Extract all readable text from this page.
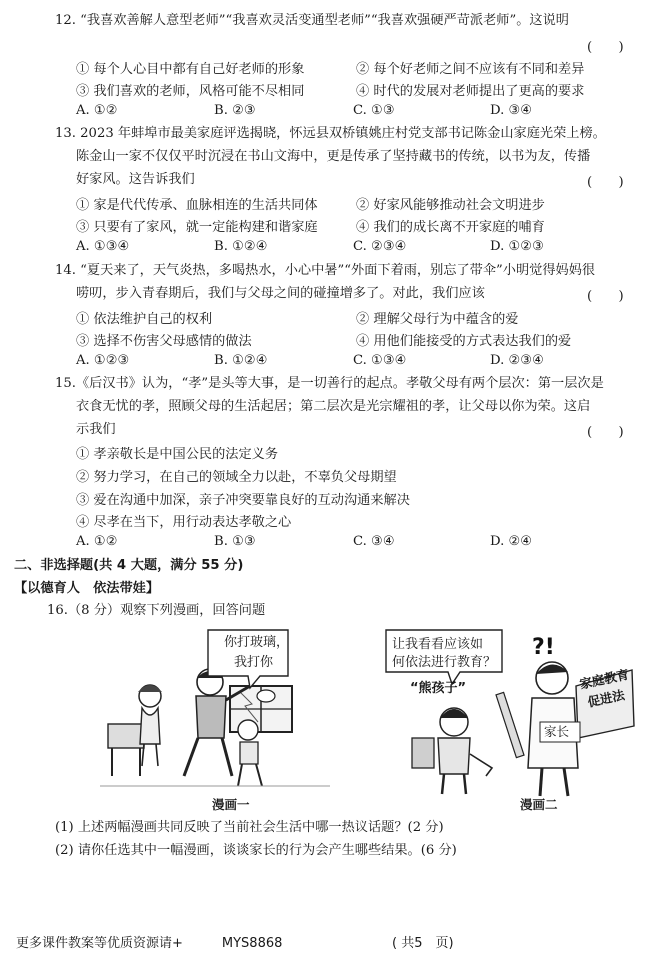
12. “我喜欢善解人意型老师”“我喜欢灵活变通型老师”“我喜欢强硬严苛派老师”。这说明
(　　)
① 每个人心目中都有自己好老师的形象	② 每个好老师之间不应该有不同和差异
③ 我们喜欢的老师，风格可能不尽相同	④ 时代的发展对老师提出了更高的要求
A. ①②	B. ②③	C. ①③	D. ③④
13. 2023 年蚌埠市最美家庭评选揭晓，怀远县双桥镇姚庄村党支部书记陈金山家庭光荣上榜。
陈金山一家不仅仅平时沉浸在书山文海中，更是传承了坚持藏书的传统，以书为友，传播
好家风。这告诉我们	(　　)
① 家是代代传承、血脉相连的生活共同体	② 好家风能够推动社会文明进步
③ 只要有了家风，就一定能构建和谐家庭	④ 我们的成长离不开家庭的哺育
A. ①③④	B. ①②④	C. ②③④	D. ①②③
14. “夏天来了，天气炎热，多喝热水，小心中暑”“外面下着雨，别忘了带伞”小明觉得妈妈很
唠叨，步入青春期后，我们与父母之间的碰撞增多了。对此，我们应该	(　　)
① 依法维护自己的权利	② 理解父母行为中蕴含的爱
③ 选择不伤害父母感情的做法	④ 用他们能接受的方式表达我们的爱
A. ①②③	B. ①②④	C. ①③④	D. ②③④
15.《后汉书》认为，“孝”是头等大事，是一切善行的起点。孝敬父母有两个层次：第一层次是
衣食无忧的孝，照顾父母的生活起居；第二层次是光宗耀祖的孝，让父母以你为荣。这启
示我们	(　　)
① 孝亲敬长是中国公民的法定义务
② 努力学习，在自己的领域全力以赴，不辜负父母期望
③ 爱在沟通中加深，亲子冲突要靠良好的互动沟通来解决
④ 尽孝在当下，用行动表达孝敬之心
A. ①②	B. ①③	C. ③④	D. ②④
二、非选择题(共 4 大题，满分 55 分)
【以德育人　依法带娃】
16.（8 分）观察下列漫画，回答问题
你打玻璃，
我打你
漫画一
?!
让我看看应该如
何依法进行教育？
“熊孩子”	家庭教育
促进法
家长
漫画二
(1) 上述两幅漫画共同反映了当前社会生活中哪一热议话题？(2 分)
(2) 请你任选其中一幅漫画，谈谈家长的行为会产生哪些结果。(6 分)
更多课件教案等优质资源请+　　　MYS8868	( 共5　页)
